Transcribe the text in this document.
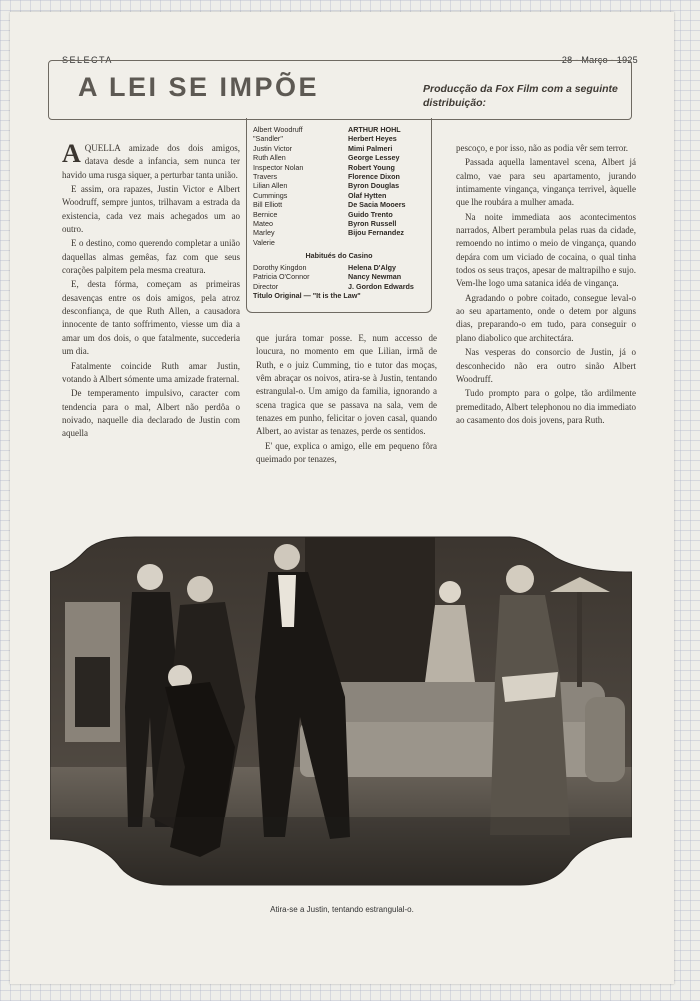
SELECTA	28 - Março - 1925
A LEI SE IMPÕE	Producção da Fox Film com a seguinte distribuição:
Albert Woodruff	ARTHUR HOHL
"Sandler"	Herbert Heyes
Justin Victor	Mimi Palmeri
Ruth Allen	George Lessey
Inspector Nolan	Robert Young
Travers	Florence Dixon
Lilian Allen	Byron Douglas
Cummings	Olaf Hytten
Bill Elliott	De Sacia Mooers
Bernice	Guido Trento
Mateo	Byron Russell
Marley	Bijou Fernandez
Valerie
Habitués do Casino
Dorothy Kingdon	Helena D'Algy
Patricia O'Connor	Nancy Newman
Director	J. Gordon Edwards
Titulo Original — "It is the Law"
A QUELLA amizade dos dois amigos, datava desde a infancia, sem nunca ter havido uma rusga siquer, a perturbar tanta união.

E assim, ora rapazes, Justin Victor e Albert Woodruff, sempre juntos, trilhavam a estrada da existencia, cada vez mais achegados um ao outro.

E o destino, como querendo completar a união daquellas almas gemêas, faz com que seus corações palpitem pela mesma creatura.

E, desta fórma, começam as primeiras desavenças entre os dois amigos, pela atroz desconfiança, de que Ruth Allen, a causadora innocente de tanto soffrimento, viesse um dia a amar um dos dois, o que fatalmente, succederia um dia.

Fatalmente coincide Ruth amar Justin, votando à Albert sómente uma amizade fraternal.

De temperamento impulsivo, caracter com tendencia para o mal, Albert não perdôa o noivado, naquelle dia declarado de Justin com aquella

que jurára tomar posse. E, num accesso de loucura, no momento em que Lilian, irmã de Ruth, e o juiz Cumming, tio e tutor das moças, vêm abraçar os noivos, atira-se à Justin, tentando estrangulal-o. Um amigo da familia, ignorando a scena tragica que se passava na sala, vem de tenazes em punho, felicitar o joven casal, quando Albert, ao avistar as tenazes, perde os sentidos.

E' que, explica o amigo, elle em pequeno fôra queimado por tenazes,

pescoço, e por isso, não as podia vêr sem terror.

Passada aquella lamentavel scena, Albert já calmo, vae para seu apartamento, jurando intimamente vingança, vingança terrivel, àquelle que lhe roubára a mulher amada.

Na noite immediata aos acontecimentos narrados, Albert perambula pelas ruas da cidade, remoendo no intimo o meio de vingança, quando depára com um viciado de cocaina, o qual tinha todos os seus traços, apesar de maltrapilho e sujo. Vem-lhe logo uma satanica idéa de vingança.

Agradando o pobre coitado, consegue leval-o ao seu apartamento, onde o detem por alguns dias, preparando-o em tudo, para conseguir o plano diabolico que architectára.

Nas vesperas do consorcio de Justin, já o desconhecido não era outro sinão Albert Woodruff.

Tudo prompto para o golpe, tão ardilmente premeditado, Albert telephonou no dia immediato ao casamento dos dois jovens, para Ruth.

Atira-se a Justin, tentando estrangulal-o.
